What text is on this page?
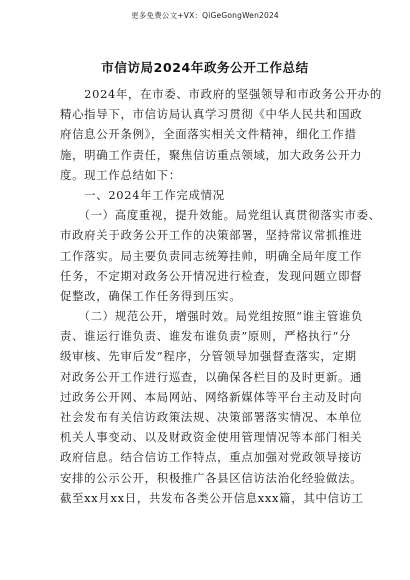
更多免费公文+VX：QiGeGongWen2024
市信访局2024年政务公开工作总结
　　2024年，在市委、市政府的坚强领导和市政务公开办的
精心指导下，市信访局认真学习贯彻《中华人民共和国政
府信息公开条例》，全面落实相关文件精神，细化工作措
施，明确工作责任，聚焦信访重点领域，加大政务公开力
度。现工作总结如下：
　　一、2024年工作完成情况
　　（一）高度重视，提升效能。局党组认真贯彻落实市委、
市政府关于政务公开工作的决策部署，坚持常议常抓推进
工作落实。局主要负责同志统筹挂帅，明确全局年度工作
任务，不定期对政务公开情况进行检查，发现问题立即督
促整改，确保工作任务得到压实。
　　（二）规范公开，增强时效。局党组按照“谁主管谁负
责、谁运行谁负责、谁发布谁负责”原则，严格执行“分
级审核、先审后发”程序，分管领导加强督查落实，定期
对政务公开工作进行巡查，以确保各栏目的及时更新。通
过政务公开网、本局网站、网络新媒体等平台主动及时向
社会发布有关信访政策法规、决策部署落实情况、本单位
机关人事变动、以及财政资金使用管理情况等本部门相关
政府信息。结合信访工作特点，重点加强对党政领导接访
安排的公示公开，积极推广各县区信访法治化经验做法。
截至xx月xx日，共发布各类公开信息xxx篇，其中信访工
